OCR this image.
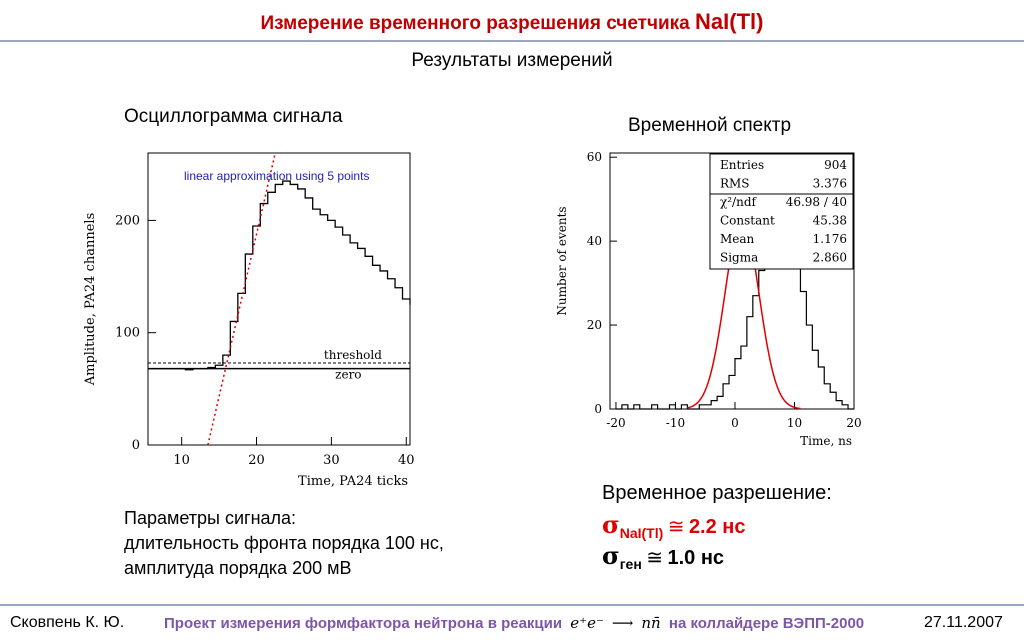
Измерение временного разрешения счетчика NaI(Tl)
Результаты измерений
Осциллограмма сигнала	Временной спектр
10	20	30	40
0
100
200
Time, PA24 ticks
Amplitude, PA24 channels	threshold
zero
linear approximation using 5 points
-20	-10	0	10	20
0
20
40
60
Time, ns
Number of events
Entries	904
RMS	3.376
χ²/ndf 46.98 / 40
Constant	45.38
Mean	1.176
Sigma	2.860
Параметры сигнала:
длительность фронта порядка 100 нс,
амплитуда порядка 200 мВ
Временное разрешение:
σNaI(Tl) ≅ 2.2 нс
σген ≅ 1.0 нс
Сковпень К. Ю.	Проект измерения формфактора нейтрона в реакции e⁺e⁻ ⟶ nn̄ на коллайдере ВЭПП-2000	27.11.2007
